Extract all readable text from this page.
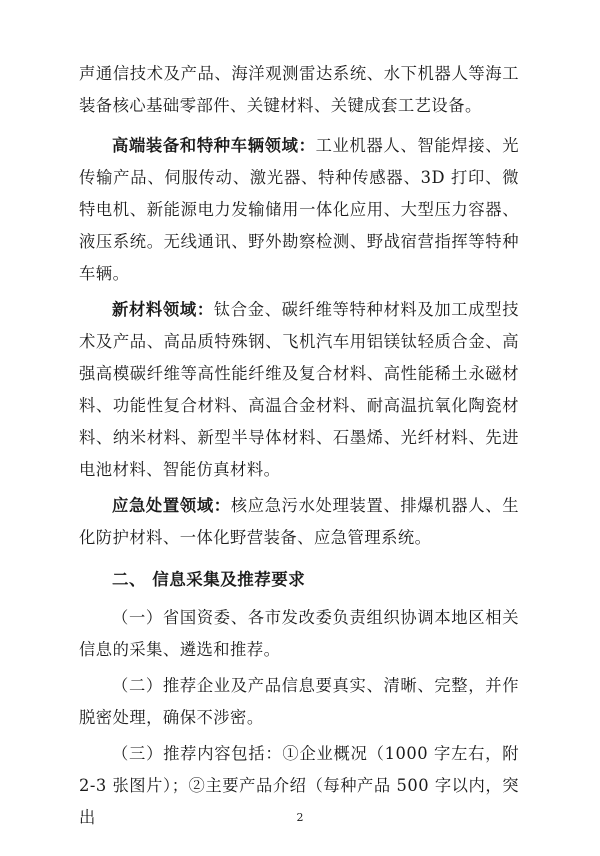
声通信技术及产品、海洋观测雷达系统、水下机器人等海工装备核心基础零部件、关键材料、关键成套工艺设备。

高端装备和特种车辆领域：工业机器人、智能焊接、光传输产品、伺服传动、激光器、特种传感器、3D 打印、微特电机、新能源电力发输储用一体化应用、大型压力容器、液压系统。无线通讯、野外勘察检测、野战宿营指挥等特种车辆。

新材料领域：钛合金、碳纤维等特种材料及加工成型技术及产品、高品质特殊钢、飞机汽车用铝镁钛轻质合金、高强高模碳纤维等高性能纤维及复合材料、高性能稀土永磁材料、功能性复合材料、高温合金材料、耐高温抗氧化陶瓷材料、纳米材料、新型半导体材料、石墨烯、光纤材料、先进电池材料、智能仿真材料。

应急处置领域：核应急污水处理装置、排爆机器人、生化防护材料、一体化野营装备、应急管理系统。

二、 信息采集及推荐要求

（一）省国资委、各市发改委负责组织协调本地区相关信息的采集、遴选和推荐。

（二）推荐企业及产品信息要真实、清晰、完整，并作脱密处理，确保不涉密。

（三）推荐内容包括：①企业概况（1000 字左右，附2-3 张图片）；②主要产品介绍（每种产品 500 字以内，突出	2
